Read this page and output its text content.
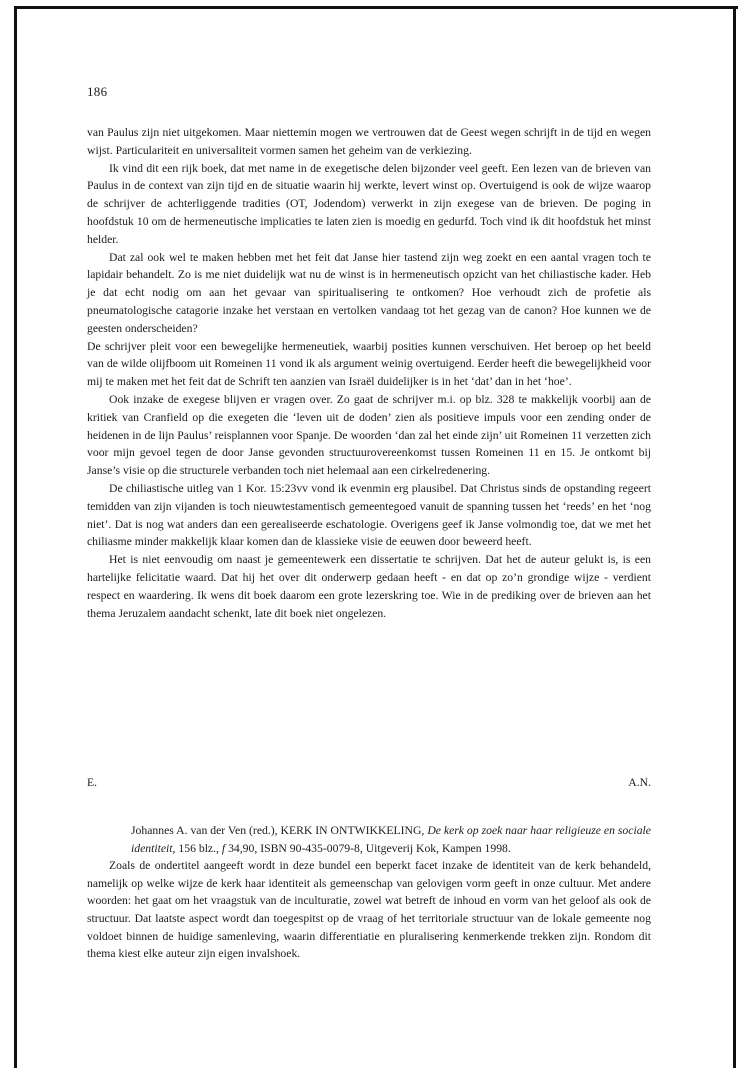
186

van Paulus zijn niet uitgekomen. Maar niettemin mogen we vertrouwen dat de Geest wegen schrijft in de tijd en wegen wijst. Particulariteit en universaliteit vormen samen het geheim van de verkiezing.

Ik vind dit een rijk boek, dat met name in de exegetische delen bijzonder veel geeft. Een lezen van de brieven van Paulus in de context van zijn tijd en de situatie waarin hij werkte, levert winst op. Overtuigend is ook de wijze waarop de schrijver de achterliggende tradities (OT, Jodendom) verwerkt in zijn exegese van de brieven. De poging in hoofdstuk 10 om de hermeneutische implicaties te laten zien is moedig en gedurfd. Toch vind ik dit hoofdstuk het minst helder.

Dat zal ook wel te maken hebben met het feit dat Janse hier tastend zijn weg zoekt en een aantal vragen toch te lapidair behandelt. Zo is me niet duidelijk wat nu de winst is in hermeneutisch opzicht van het chiliastische kader. Heb je dat echt nodig om aan het gevaar van spiritualisering te ontkomen? Hoe verhoudt zich de profetie als pneumatologische catagorie inzake het verstaan en vertolken vandaag tot het gezag van de canon? Hoe kunnen we de geesten onderscheiden?

De schrijver pleit voor een bewegelijke hermeneutiek, waarbij posities kunnen verschuiven. Het beroep op het beeld van de wilde olijfboom uit Romeinen 11 vond ik als argument weinig overtuigend. Eerder heeft die bewegelijkheid voor mij te maken met het feit dat de Schrift ten aanzien van Israël duidelijker is in het ‘dat’ dan in het ‘hoe’.

Ook inzake de exegese blijven er vragen over. Zo gaat de schrijver m.i. op blz. 328 te makkelijk voorbij aan de kritiek van Cranfield op die exegeten die ‘leven uit de doden’ zien als positieve impuls voor een zending onder de heidenen in de lijn Paulus’ reisplannen voor Spanje. De woorden ‘dan zal het einde zijn’ uit Romeinen 11 verzetten zich voor mijn gevoel tegen de door Janse gevonden structuurovereenkomst tussen Romeinen 11 en 15. Je ontkomt bij Janse’s visie op die structurele verbanden toch niet helemaal aan een cirkelredenering.

De chiliastische uitleg van 1 Kor. 15:23vv vond ik evenmin erg plausibel. Dat Christus sinds de opstanding regeert temidden van zijn vijanden is toch nieuwtestamentisch gemeentegoed vanuit de spanning tussen het ‘reeds’ en het ‘nog niet’. Dat is nog wat anders dan een gerealiseerde eschatologie. Overigens geef ik Janse volmondig toe, dat we met het chiliasme minder makkelijk klaar komen dan de klassieke visie de eeuwen door beweerd heeft.

Het is niet eenvoudig om naast je gemeentewerk een dissertatie te schrijven. Dat het de auteur gelukt is, is een hartelijke felicitatie waard. Dat hij het over dit onderwerp gedaan heeft - en dat op zo’n grondige wijze - verdient respect en waardering. Ik wens dit boek daarom een grote lezerskring toe. Wie in de prediking over de brieven aan het thema Jeruzalem aandacht schenkt, late dit boek niet ongelezen.

E.	A.N.

Johannes A. van der Ven (red.), KERK IN ONTWIKKELING, De kerk op zoek naar haar religieuze en sociale identiteit, 156 blz., f 34,90, ISBN 90-435-0079-8, Uitgeverij Kok, Kampen 1998.

Zoals de ondertitel aangeeft wordt in deze bundel een beperkt facet inzake de identiteit van de kerk behandeld, namelijk op welke wijze de kerk haar identiteit als gemeenschap van gelovigen vorm geeft in onze cultuur. Met andere woorden: het gaat om het vraagstuk van de inculturatie, zowel wat betreft de inhoud en vorm van het geloof als ook de structuur. Dat laatste aspect wordt dan toegespitst op de vraag of het territoriale structuur van de lokale gemeente nog voldoet binnen de huidige samenleving, waarin differentiatie en pluralisering kenmerkende trekken zijn. Rondom dit thema kiest elke auteur zijn eigen invalshoek.
